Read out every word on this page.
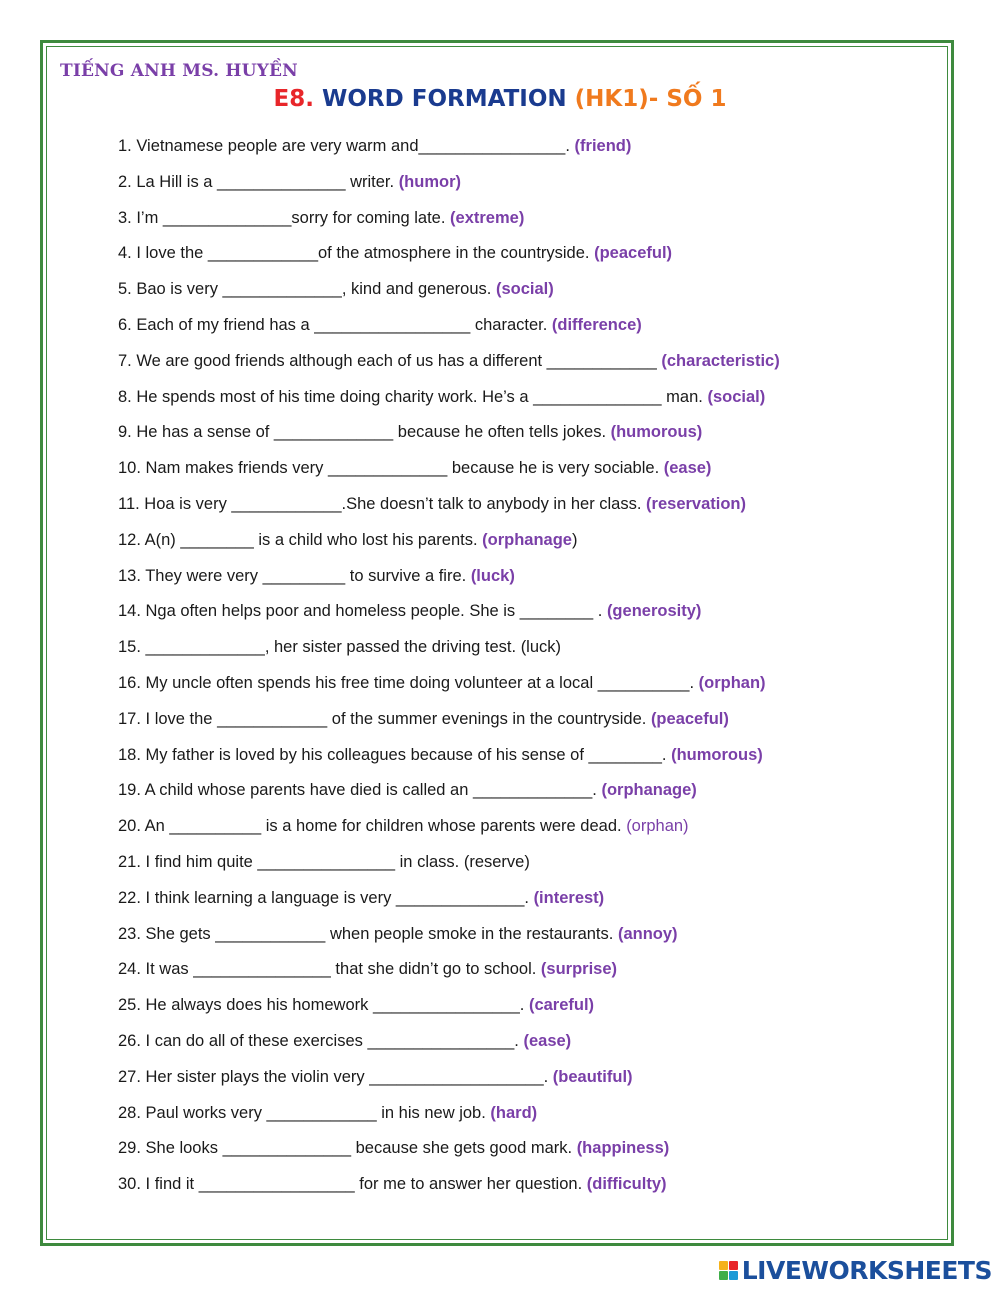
TIẾNG ANH MS. HUYỀN
E8. WORD FORMATION (HK1)- SỐ 1
1. Vietnamese people are very warm and________________. (friend)
2. La Hill is a ______________ writer. (humor)
3. I’m ______________sorry for coming late. (extreme)
4. I love the ____________of the atmosphere in the countryside. (peaceful)
5. Bao is very _____________, kind and generous. (social)
6. Each of my friend has a _________________ character. (difference)
7. We are good friends although each of us has a different ____________ (characteristic)
8. He spends most of his time doing charity work. He’s a ______________ man. (social)
9. He has a sense of _____________ because he often tells jokes. (humorous)
10. Nam makes friends very _____________ because he is very sociable. (ease)
11. Hoa is very ____________.She doesn’t talk to anybody in her class. (reservation)
12. A(n) ________ is a child who lost his parents. (orphanage)
13. They were very _________ to survive a fire. (luck)
14. Nga often helps poor and homeless people. She is ________ . (generosity)
15. _____________, her sister passed the driving test. (luck)
16. My uncle often spends his free time doing volunteer at a local __________. (orphan)
17. I love the ____________ of the summer evenings in the countryside. (peaceful)
18. My father is loved by his colleagues because of his sense of ________. (humorous)
19. A child whose parents have died is called an _____________. (orphanage)
20. An __________ is a home for children whose parents were dead. (orphan)
21. I find him quite _______________ in class. (reserve)
22. I think learning a language is very ______________. (interest)
23. She gets ____________ when people smoke in the restaurants. (annoy)
24. It was _______________ that she didn’t go to school. (surprise)
25. He always does his homework ________________. (careful)
26. I can do all of these exercises ________________. (ease)
27. Her sister plays the violin very ___________________. (beautiful)
28. Paul works very ____________ in his new job. (hard)
29. She looks ______________ because she gets good mark. (happiness)
30. I find it _________________ for me to answer her question. (difficulty)
LIVEWORKSHEETS
